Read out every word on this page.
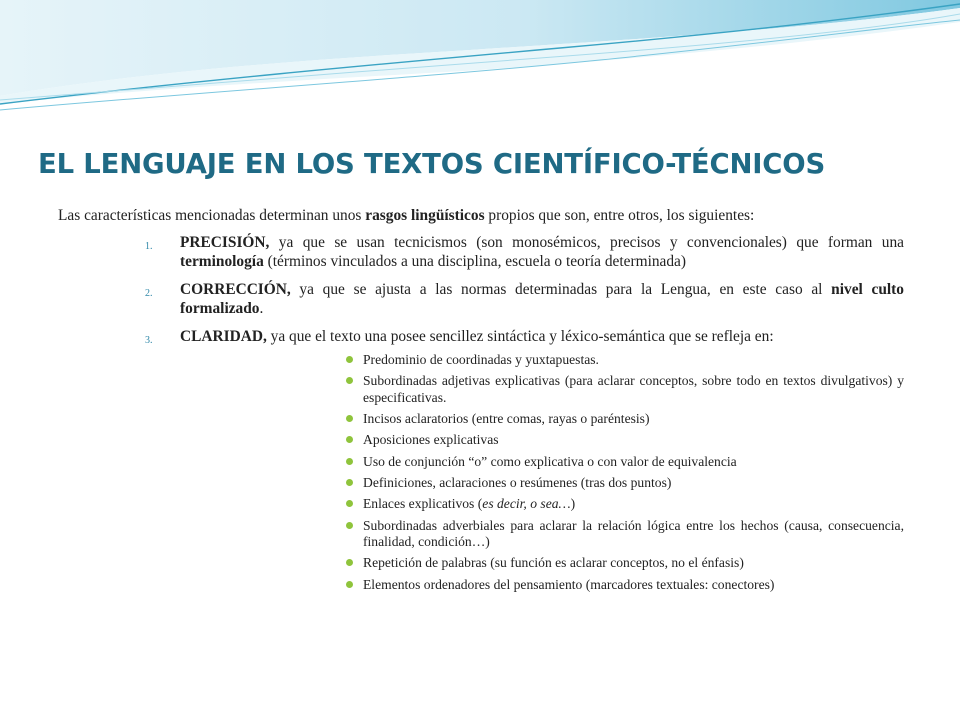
EL LENGUAJE EN LOS TEXTOS CIENTÍFICO-TÉCNICOS

Las características mencionadas determinan unos rasgos lingüísticos propios que son, entre otros, los siguientes:

1. PRECISIÓN, ya que se usan tecnicismos (son monosémicos, precisos y convencionales) que forman una terminología (términos vinculados a una disciplina, escuela o teoría determinada)
2. CORRECCIÓN, ya que se ajusta a las normas determinadas para la Lengua, en este caso al nivel culto formalizado.
3. CLARIDAD, ya que el texto una posee sencillez sintáctica y léxico-semántica que se refleja en:
Predominio de coordinadas y yuxtapuestas.
Subordinadas adjetivas explicativas (para aclarar conceptos, sobre todo en textos divulgativos) y especificativas.
Incisos aclaratorios (entre comas, rayas o paréntesis)
Aposiciones explicativas
Uso de conjunción “o” como explicativa o con valor de equivalencia
Definiciones, aclaraciones o resúmenes (tras dos puntos)
Enlaces explicativos (es decir, o sea…)
Subordinadas adverbiales para aclarar la relación lógica entre los hechos (causa, consecuencia, finalidad, condición…)
Repetición de palabras (su función es aclarar conceptos, no el énfasis)
Elementos ordenadores del pensamiento (marcadores textuales: conectores)
